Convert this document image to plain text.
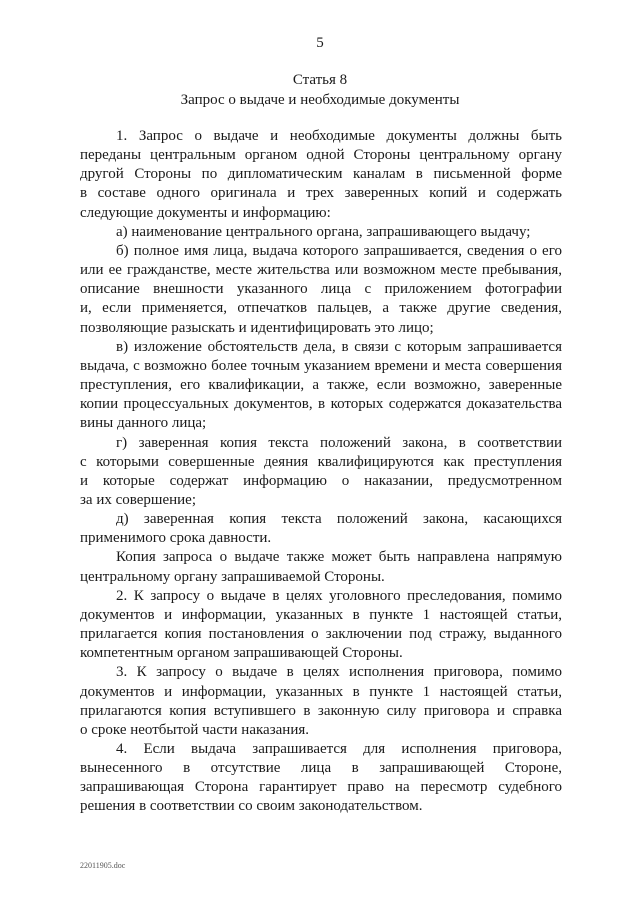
5
Статья 8
Запрос о выдаче и необходимые документы
1. Запрос о выдаче и необходимые документы должны быть
переданы центральным органом одной Стороны центральному органу
другой Стороны по дипломатическим каналам в письменной форме
в составе одного оригинала и трех заверенных копий и содержать
следующие документы и информацию:
а) наименование центрального органа, запрашивающего выдачу;
б) полное имя лица, выдача которого запрашивается, сведения о его
или ее гражданстве, месте жительства или возможном месте пребывания,
описание внешности указанного лица с приложением фотографии
и, если применяется, отпечатков пальцев, а также другие сведения,
позволяющие разыскать и идентифицировать это лицо;
в) изложение обстоятельств дела, в связи с которым запрашивается
выдача, с возможно более точным указанием времени и места совершения
преступления, его квалификации, а также, если возможно, заверенные
копии процессуальных документов, в которых содержатся доказательства
вины данного лица;
г) заверенная копия текста положений закона, в соответствии
с которыми совершенные деяния квалифицируются как преступления
и которые содержат информацию о наказании, предусмотренном
за их совершение;
д) заверенная копия текста положений закона, касающихся
применимого срока давности.
Копия запроса о выдаче также может быть направлена напрямую
центральному органу запрашиваемой Стороны.
2. К запросу о выдаче в целях уголовного преследования, помимо
документов и информации, указанных в пункте 1 настоящей статьи,
прилагается копия постановления о заключении под стражу, выданного
компетентным органом запрашивающей Стороны.
3. К запросу о выдаче в целях исполнения приговора, помимо
документов и информации, указанных в пункте 1 настоящей статьи,
прилагаются копия вступившего в законную силу приговора и справка
о сроке неотбытой части наказания.
4. Если выдача запрашивается для исполнения приговора,
вынесенного в отсутствие лица в запрашивающей Стороне,
запрашивающая Сторона гарантирует право на пересмотр судебного
решения в соответствии со своим законодательством.
22011905.doc
